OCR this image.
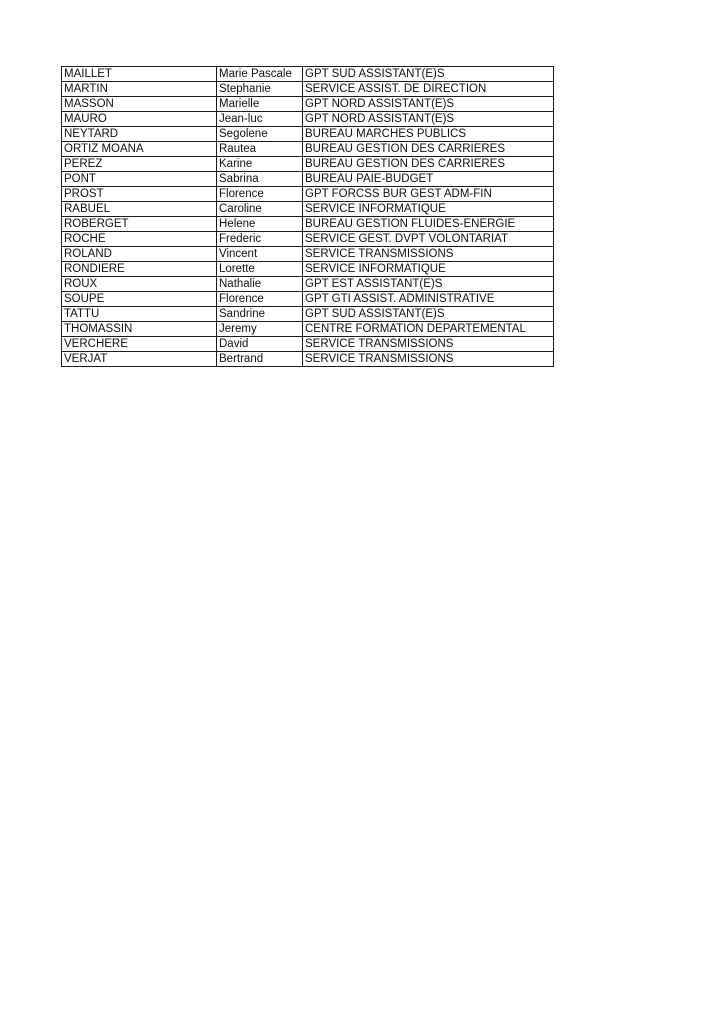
MAILLET	Marie Pascale	GPT SUD ASSISTANT(E)S
MARTIN	Stephanie	SERVICE ASSIST. DE DIRECTION
MASSON	Marielle	GPT NORD ASSISTANT(E)S
MAURO	Jean-luc	GPT NORD ASSISTANT(E)S
NEYTARD	Segolene	BUREAU MARCHES PUBLICS
ORTIZ MOANA	Rautea	BUREAU GESTION DES CARRIERES
PEREZ	Karine	BUREAU GESTION DES CARRIERES
PONT	Sabrina	BUREAU PAIE-BUDGET
PROST	Florence	GPT FORCSS BUR GEST ADM-FIN
RABUEL	Caroline	SERVICE INFORMATIQUE
ROBERGET	Helene	BUREAU GESTION FLUIDES-ENERGIE
ROCHE	Frederic	SERVICE GEST. DVPT VOLONTARIAT
ROLAND	Vincent	SERVICE TRANSMISSIONS
RONDIERE	Lorette	SERVICE INFORMATIQUE
ROUX	Nathalie	GPT EST ASSISTANT(E)S
SOUPE	Florence	GPT GTI ASSIST. ADMINISTRATIVE
TATTU	Sandrine	GPT SUD ASSISTANT(E)S
THOMASSIN	Jeremy	CENTRE FORMATION DEPARTEMENTAL
VERCHERE	David	SERVICE TRANSMISSIONS
VERJAT	Bertrand	SERVICE TRANSMISSIONS
